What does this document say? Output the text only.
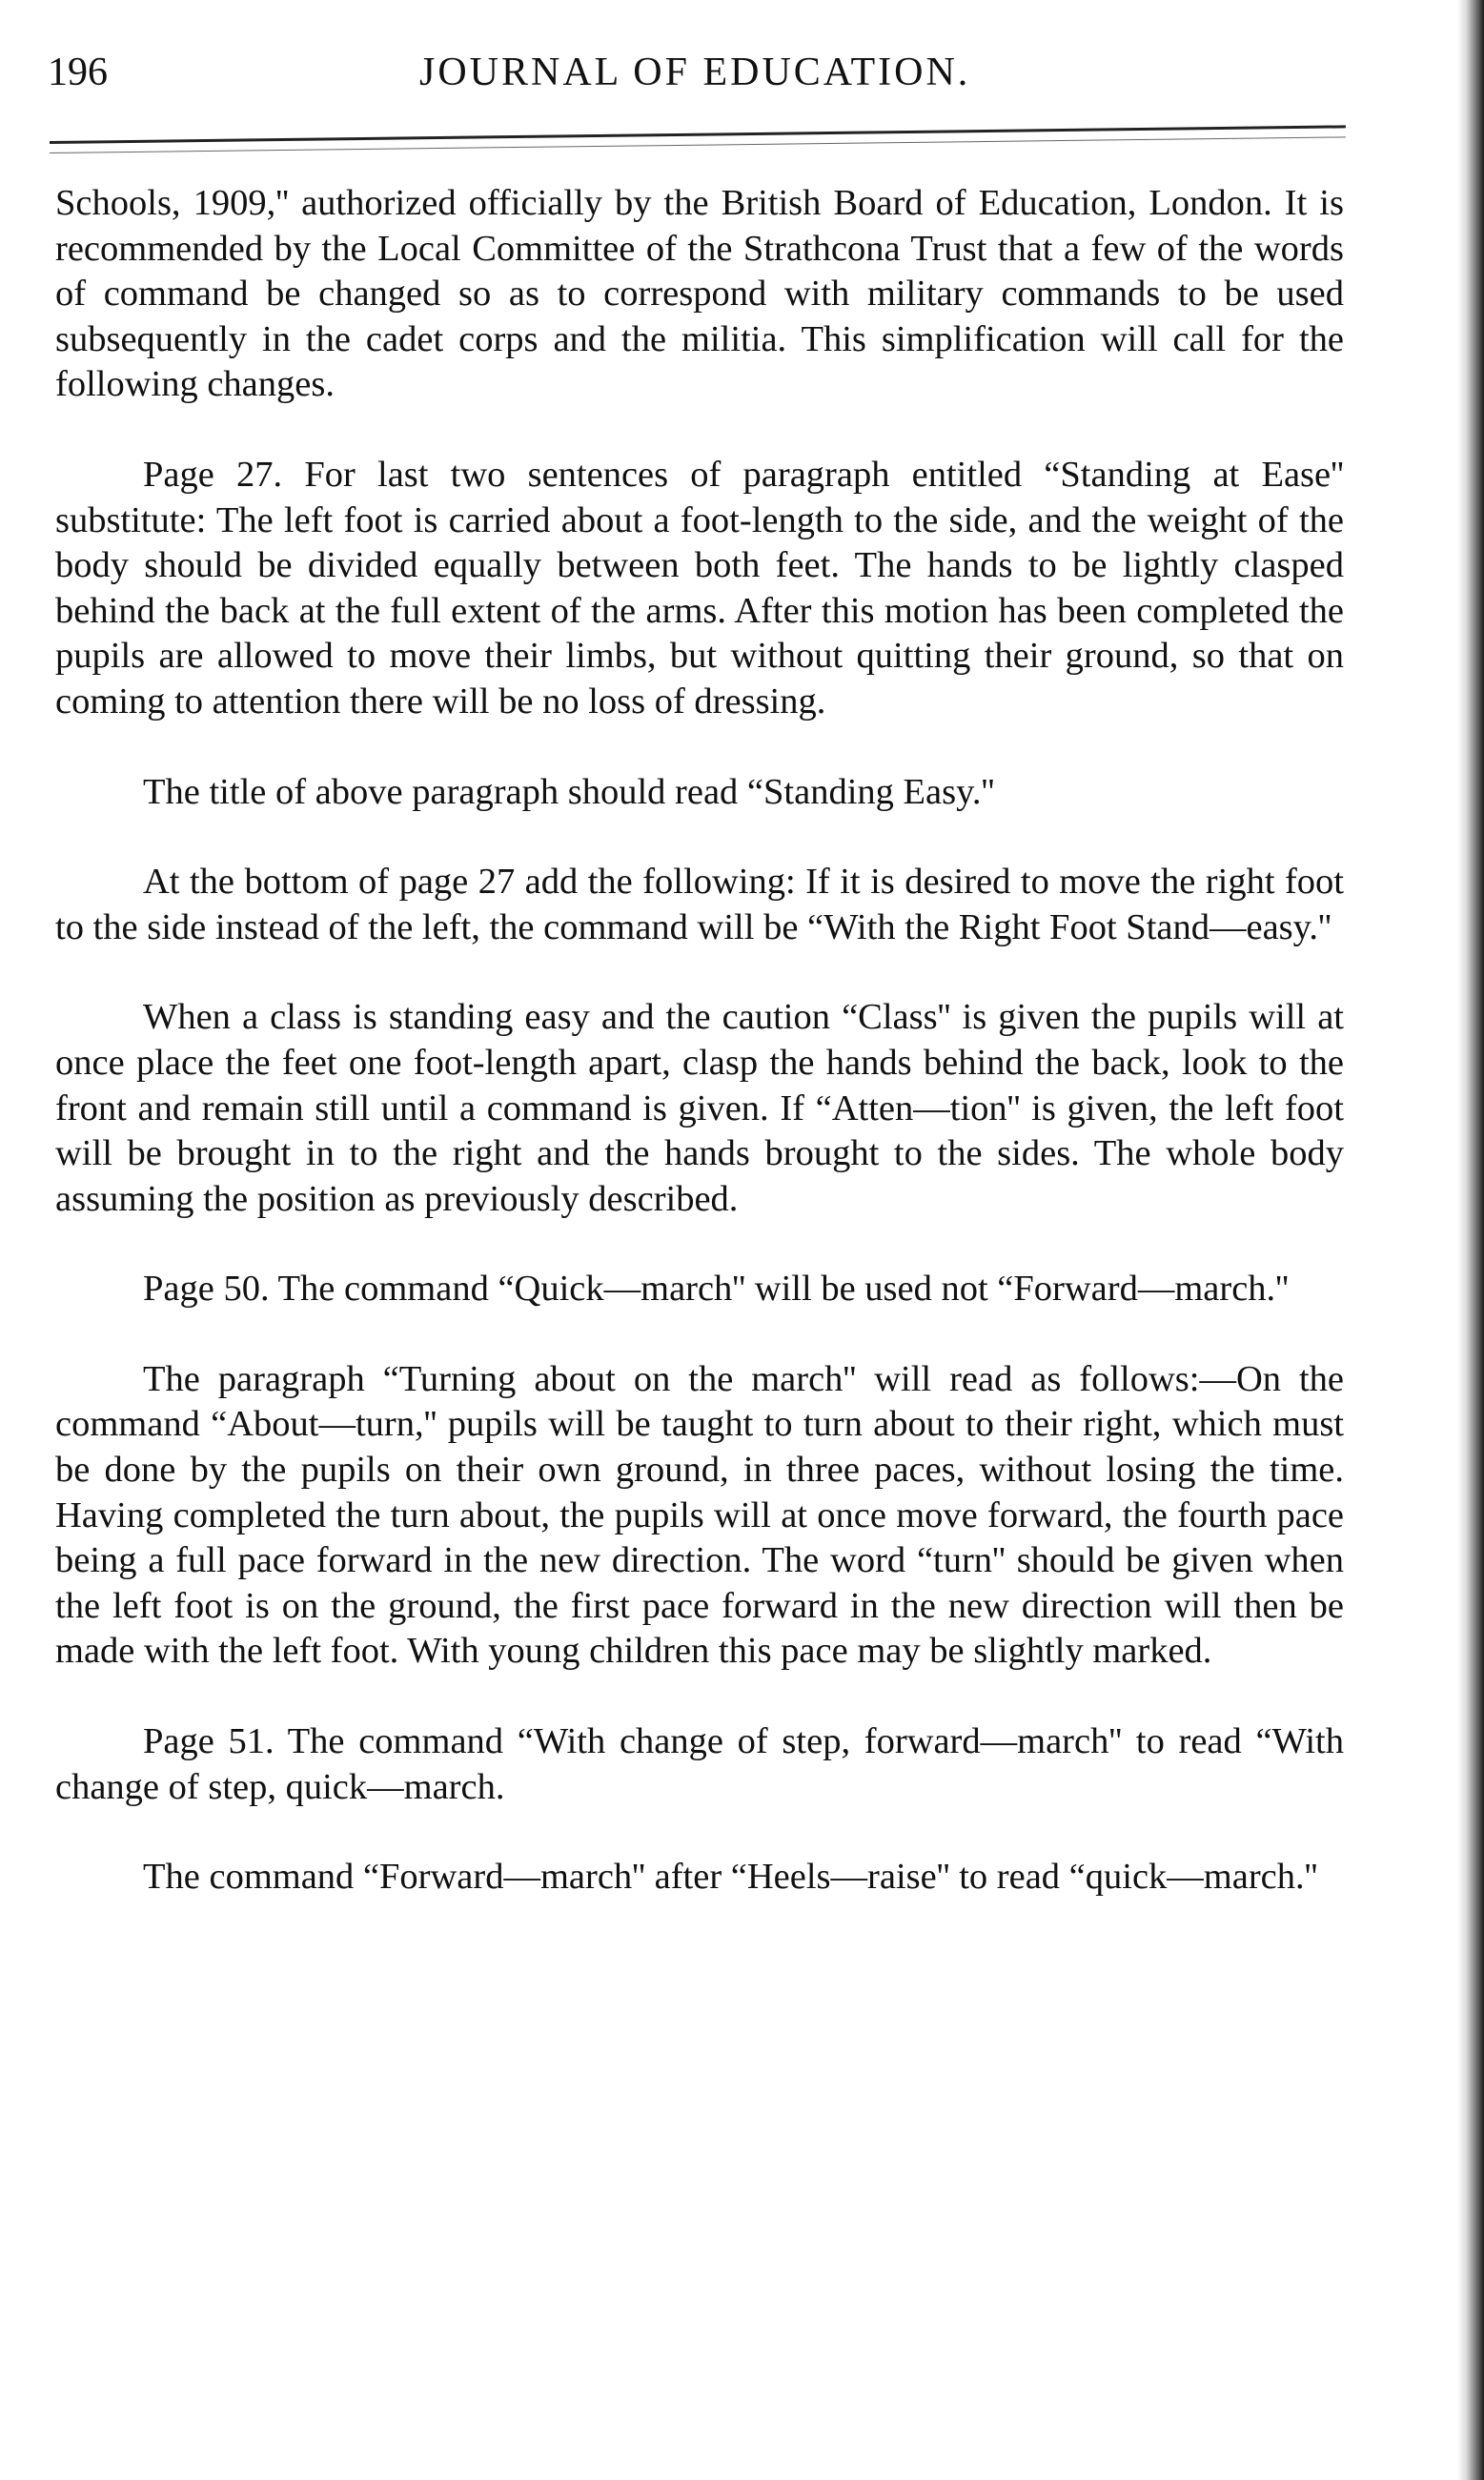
196	JOURNAL OF EDUCATION.

Schools, 1909,'' authorized officially by the British Board of Education, London. It is recommended by the Local Committee of the Strathcona Trust that a few of the words of command be changed so as to correspond with military commands to be used subsequently in the cadet corps and the militia. This simplification will call for the following changes.

Page 27. For last two sentences of paragraph entitled “Standing at Ease'' substitute: The left foot is carried about a foot-length to the side, and the weight of the body should be divided equally between both feet. The hands to be lightly clasped behind the back at the full extent of the arms. After this motion has been completed the pupils are allowed to move their limbs, but without quitting their ground, so that on coming to attention there will be no loss of dressing.

The title of above paragraph should read “Standing Easy.''

At the bottom of page 27 add the following: If it is desired to move the right foot to the side instead of the left, the command will be “With the Right Foot Stand—easy.''

When a class is standing easy and the caution “Class'' is given the pupils will at once place the feet one foot-length apart, clasp the hands behind the back, look to the front and remain still until a command is given. If “Atten—tion'' is given, the left foot will be brought in to the right and the hands brought to the sides. The whole body assuming the position as previously described.

Page 50. The command “Quick—march'' will be used not “Forward—march.''

The paragraph “Turning about on the march'' will read as follows:—On the command “About—turn,'' pupils will be taught to turn about to their right, which must be done by the pupils on their own ground, in three paces, without losing the time. Having completed the turn about, the pupils will at once move forward, the fourth pace being a full pace forward in the new direction. The word “turn'' should be given when the left foot is on the ground, the first pace forward in the new direction will then be made with the left foot. With young children this pace may be slightly marked.

Page 51. The command “With change of step, forward—march'' to read “With change of step, quick—march.

The command “Forward—march'' after “Heels—raise'' to read “quick—march.''
